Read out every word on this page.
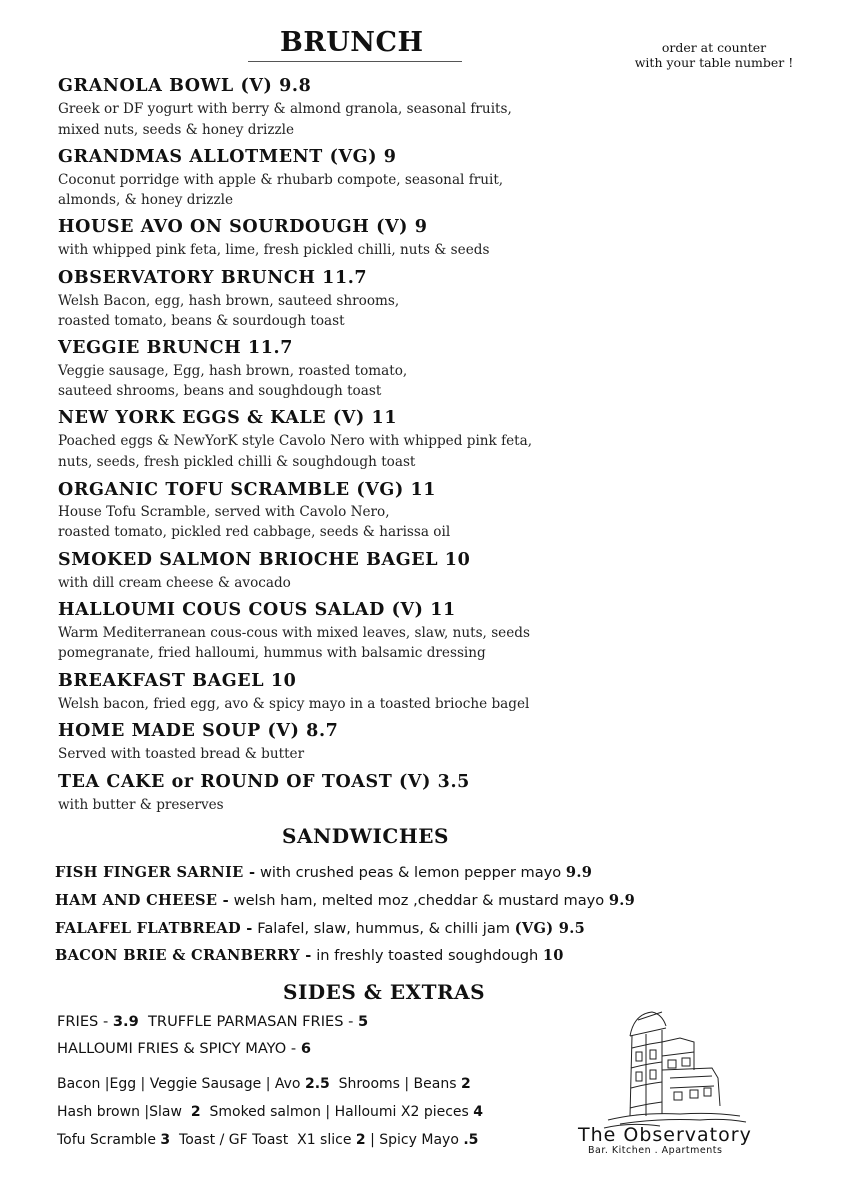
BRUNCH	order at counter
with your table number !
GRANOLA BOWL (V) 9.8
Greek or DF yogurt with berry & almond granola, seasonal fruits,
mixed nuts, seeds & honey drizzle
GRANDMAS ALLOTMENT (VG) 9
Coconut porridge with apple & rhubarb compote, seasonal fruit,
almonds, & honey drizzle
HOUSE AVO ON SOURDOUGH (V) 9
with whipped pink feta, lime, fresh pickled chilli, nuts & seeds
OBSERVATORY BRUNCH 11.7
Welsh Bacon, egg, hash brown, sauteed shrooms,
roasted tomato, beans & sourdough toast
VEGGIE BRUNCH 11.7
Veggie sausage, Egg, hash brown, roasted tomato,
sauteed shrooms, beans and soughdough toast
NEW YORK EGGS & KALE (V) 11
Poached eggs & NewYorK style Cavolo Nero with whipped pink feta,
nuts, seeds, fresh pickled chilli & soughdough toast
ORGANIC TOFU SCRAMBLE (VG) 11
House Tofu Scramble, served with Cavolo Nero,
roasted tomato, pickled red cabbage, seeds & harissa oil
SMOKED SALMON BRIOCHE BAGEL 10
with dill cream cheese & avocado
HALLOUMI COUS COUS SALAD (V) 11
Warm Mediterranean cous-cous with mixed leaves, slaw, nuts, seeds
pomegranate, fried halloumi, hummus with balsamic dressing
BREAKFAST BAGEL 10
Welsh bacon, fried egg, avo & spicy mayo in a toasted brioche bagel
HOME MADE SOUP (V) 8.7
Served with toasted bread & butter
TEA CAKE or ROUND OF TOAST (V) 3.5
with butter & preserves
SANDWICHES
FISH FINGER SARNIE - with crushed peas & lemon pepper mayo 9.9
HAM AND CHEESE - welsh ham, melted moz ,cheddar & mustard mayo 9.9
FALAFEL FLATBREAD - Falafel, slaw, hummus, & chilli jam (VG) 9.5
BACON BRIE & CRANBERRY - in freshly toasted soughdough 10
SIDES & EXTRAS
FRIES - 3.9  TRUFFLE PARMASAN FRIES - 5
HALLOUMI FRIES & SPICY MAYO - 6
Bacon |Egg | Veggie Sausage | Avo 2.5  Shrooms | Beans 2
Hash brown |Slaw  2  Smoked salmon | Halloumi X2 pieces 4
Tofu Scramble 3  Toast / GF Toast  X1 slice 2 | Spicy Mayo .5	The Observatory
Bar. Kitchen . Apartments
